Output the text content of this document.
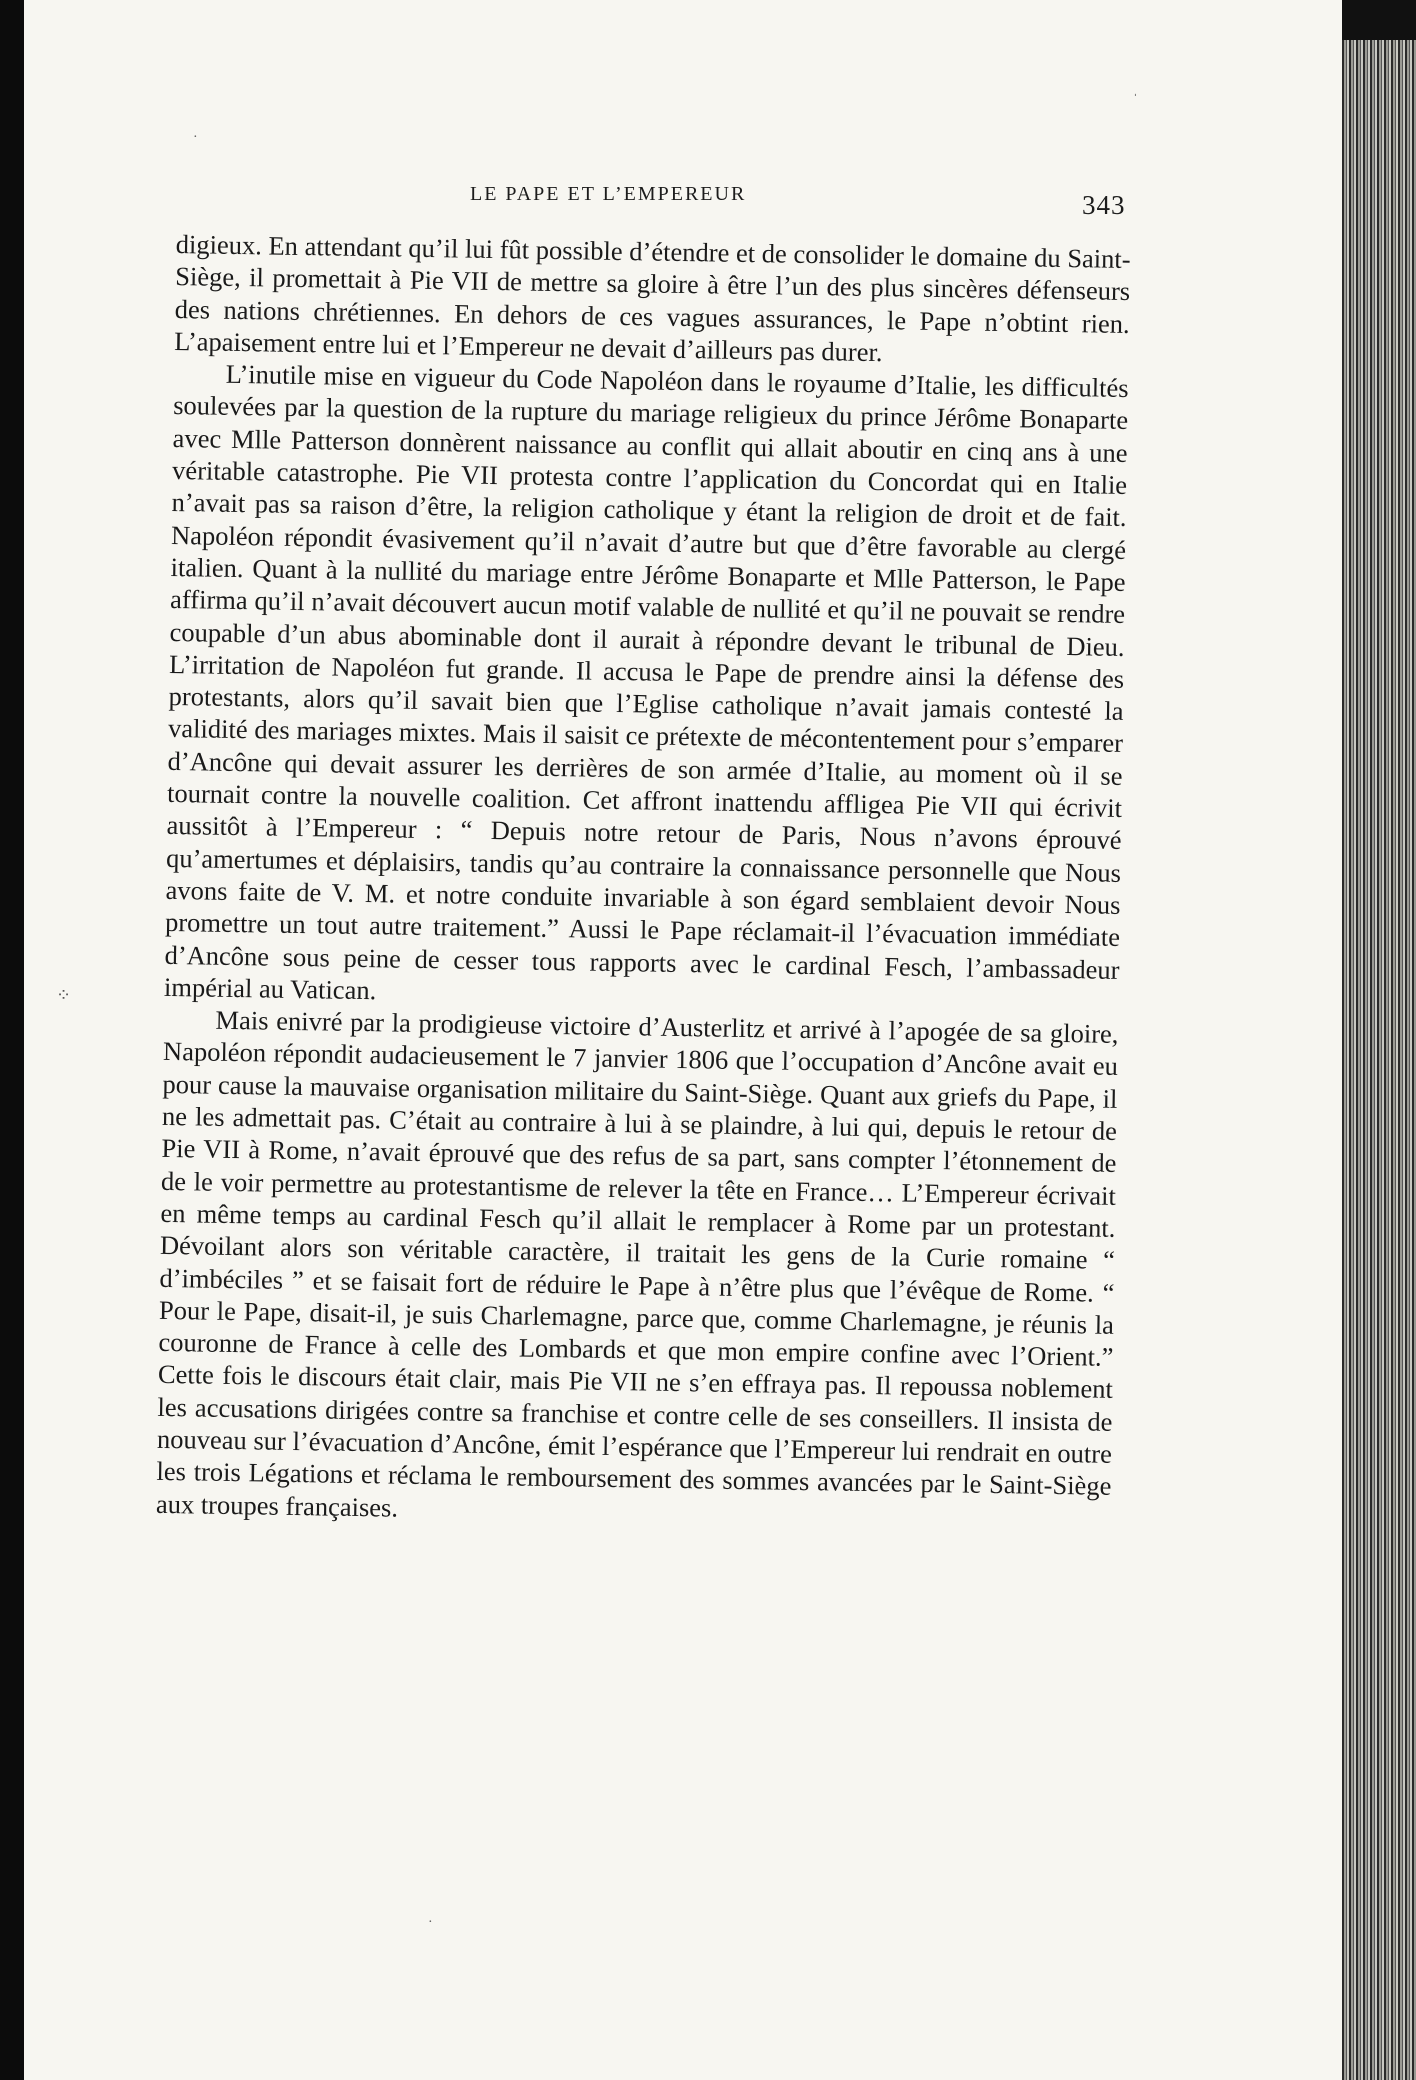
·
ˌ
⁘
·
LE PAPE ET L’EMPEREUR	343

digieux. En attendant qu’il lui fût possible d’étendre et de consolider le domaine du Saint-Siège, il promettait à Pie VII de mettre sa gloire à être l’un des plus sincères défenseurs des nations chrétiennes. En dehors de ces vagues assurances, le Pape n’obtint rien. L’apaisement entre lui et l’Empereur ne devait d’ailleurs pas durer.

L’inutile mise en vigueur du Code Napoléon dans le royaume d’Italie, les difficultés soulevées par la question de la rupture du mariage religieux du prince Jérôme Bonaparte avec Mlle Patterson donnèrent naissance au conflit qui allait aboutir en cinq ans à une véritable catastrophe. Pie VII protesta contre l’application du Concordat qui en Italie n’avait pas sa raison d’être, la religion catholique y étant la religion de droit et de fait. Napoléon répondit évasivement qu’il n’avait d’autre but que d’être favorable au clergé italien. Quant à la nullité du mariage entre Jérôme Bonaparte et Mlle Patterson, le Pape affirma qu’il n’avait découvert aucun motif valable de nullité et qu’il ne pouvait se rendre coupable d’un abus abominable dont il aurait à répondre devant le tribunal de Dieu. L’irritation de Napoléon fut grande. Il accusa le Pape de prendre ainsi la défense des protestants, alors qu’il savait bien que l’Eglise catholique n’avait jamais contesté la validité des mariages mixtes. Mais il saisit ce prétexte de mécontentement pour s’emparer d’Ancône qui devait assurer les derrières de son armée d’Italie, au moment où il se tournait contre la nouvelle coalition. Cet affront inattendu affligea Pie VII qui écrivit aussitôt à l’Empereur : “ Depuis notre retour de Paris, Nous n’avons éprouvé qu’amertumes et déplaisirs, tandis qu’au contraire la connaissance personnelle que Nous avons faite de V. M. et notre conduite invariable à son égard semblaient devoir Nous promettre un tout autre traitement.” Aussi le Pape réclamait-il l’évacuation immédiate d’Ancône sous peine de cesser tous rapports avec le cardinal Fesch, l’ambassadeur impérial au Vatican.

Mais enivré par la prodigieuse victoire d’Austerlitz et arrivé à l’apogée de sa gloire, Napoléon répondit audacieusement le 7 janvier 1806 que l’occupation d’Ancône avait eu pour cause la mauvaise organisation militaire du Saint-Siège. Quant aux griefs du Pape, il ne les admettait pas. C’était au contraire à lui à se plaindre, à lui qui, depuis le retour de Pie VII à Rome, n’avait éprouvé que des refus de sa part, sans compter l’étonnement de de le voir permettre au protestantisme de relever la tête en France… L’Empereur écrivait en même temps au cardinal Fesch qu’il allait le remplacer à Rome par un protestant. Dévoilant alors son véritable caractère, il traitait les gens de la Curie romaine “ d’imbéciles ” et se faisait fort de réduire le Pape à n’être plus que l’évêque de Rome. “ Pour le Pape, disait-il, je suis Charlemagne, parce que, comme Charlemagne, je réunis la couronne de France à celle des Lombards et que mon empire confine avec l’Orient.” Cette fois le discours était clair, mais Pie VII ne s’en effraya pas. Il repoussa noblement les accusations dirigées contre sa franchise et contre celle de ses conseillers. Il insista de nouveau sur l’évacuation d’Ancône, émit l’espérance que l’Empereur lui rendrait en outre les trois Légations et réclama le remboursement des sommes avancées par le Saint-Siège aux troupes françaises.
